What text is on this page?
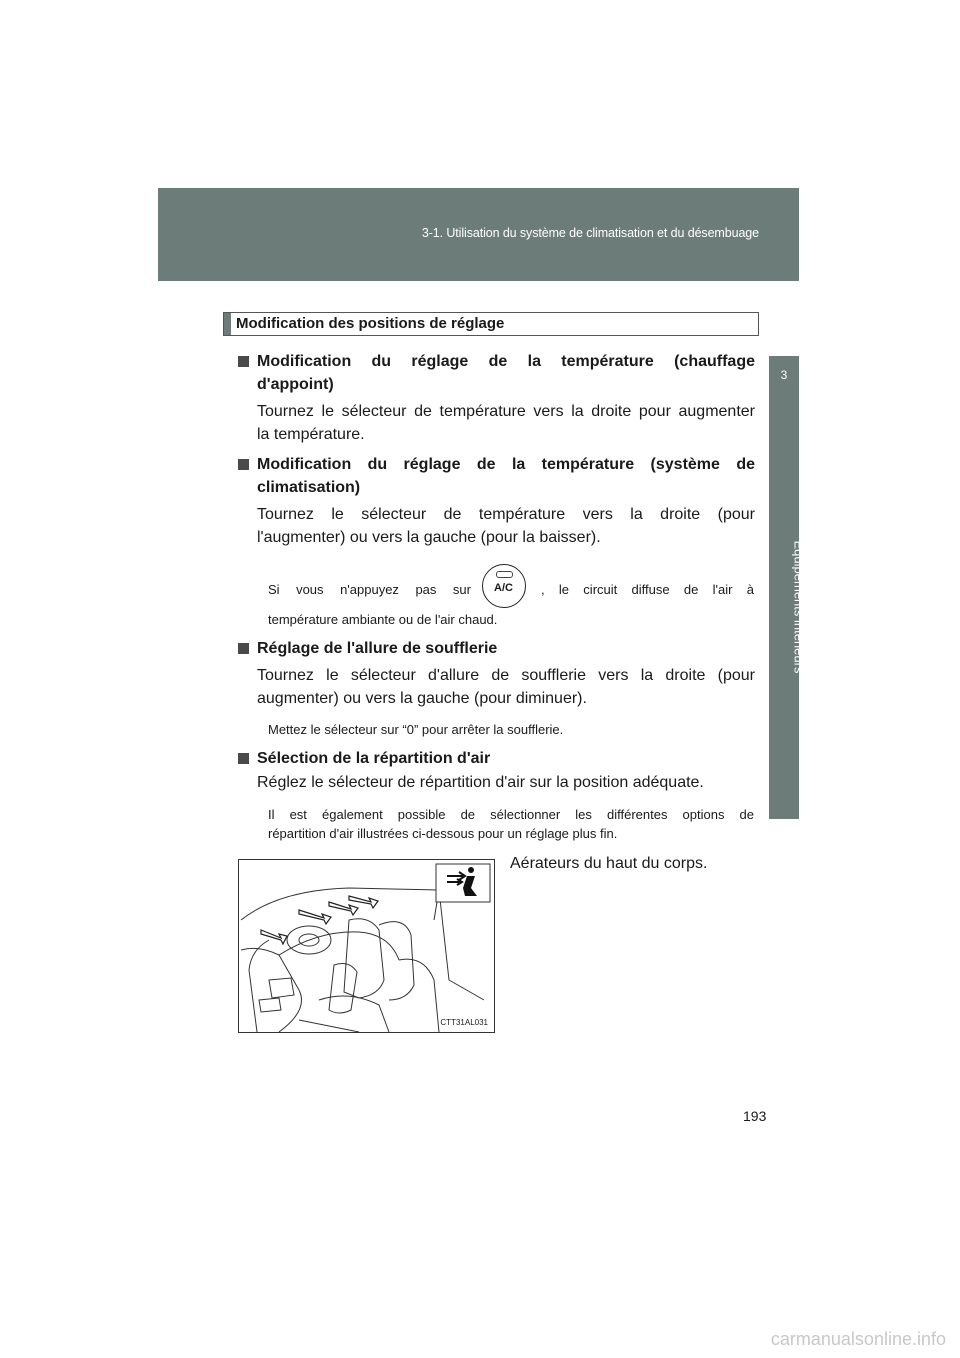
3-1. Utilisation du système de climatisation et du désembuage
3
Équipements intérieurs
Modification des positions de réglage
Modification du réglage de la température (chauffage
d'appoint)
Tournez le sélecteur de température vers la droite pour augmenter
la température.
Modification du réglage de la température (système de
climatisation)
Tournez le sélecteur de température vers la droite (pour
l'augmenter) ou vers la gauche (pour la baisser).
Si vous n'appuyez pas sur	A/C	, le circuit diffuse de l'air à
température ambiante ou de l'air chaud.
Réglage de l'allure de soufflerie
Tournez le sélecteur d'allure de soufflerie vers la droite (pour
augmenter) ou vers la gauche (pour diminuer).
Mettez le sélecteur sur “0” pour arrêter la soufflerie.
Sélection de la répartition d'air
Réglez le sélecteur de répartition d'air sur la position adéquate.
Il est également possible de sélectionner les différentes options de
répartition d'air illustrées ci-dessous pour un réglage plus fin.
CTT31AL031
Aérateurs du haut du corps.
193
carmanualsonline.info
